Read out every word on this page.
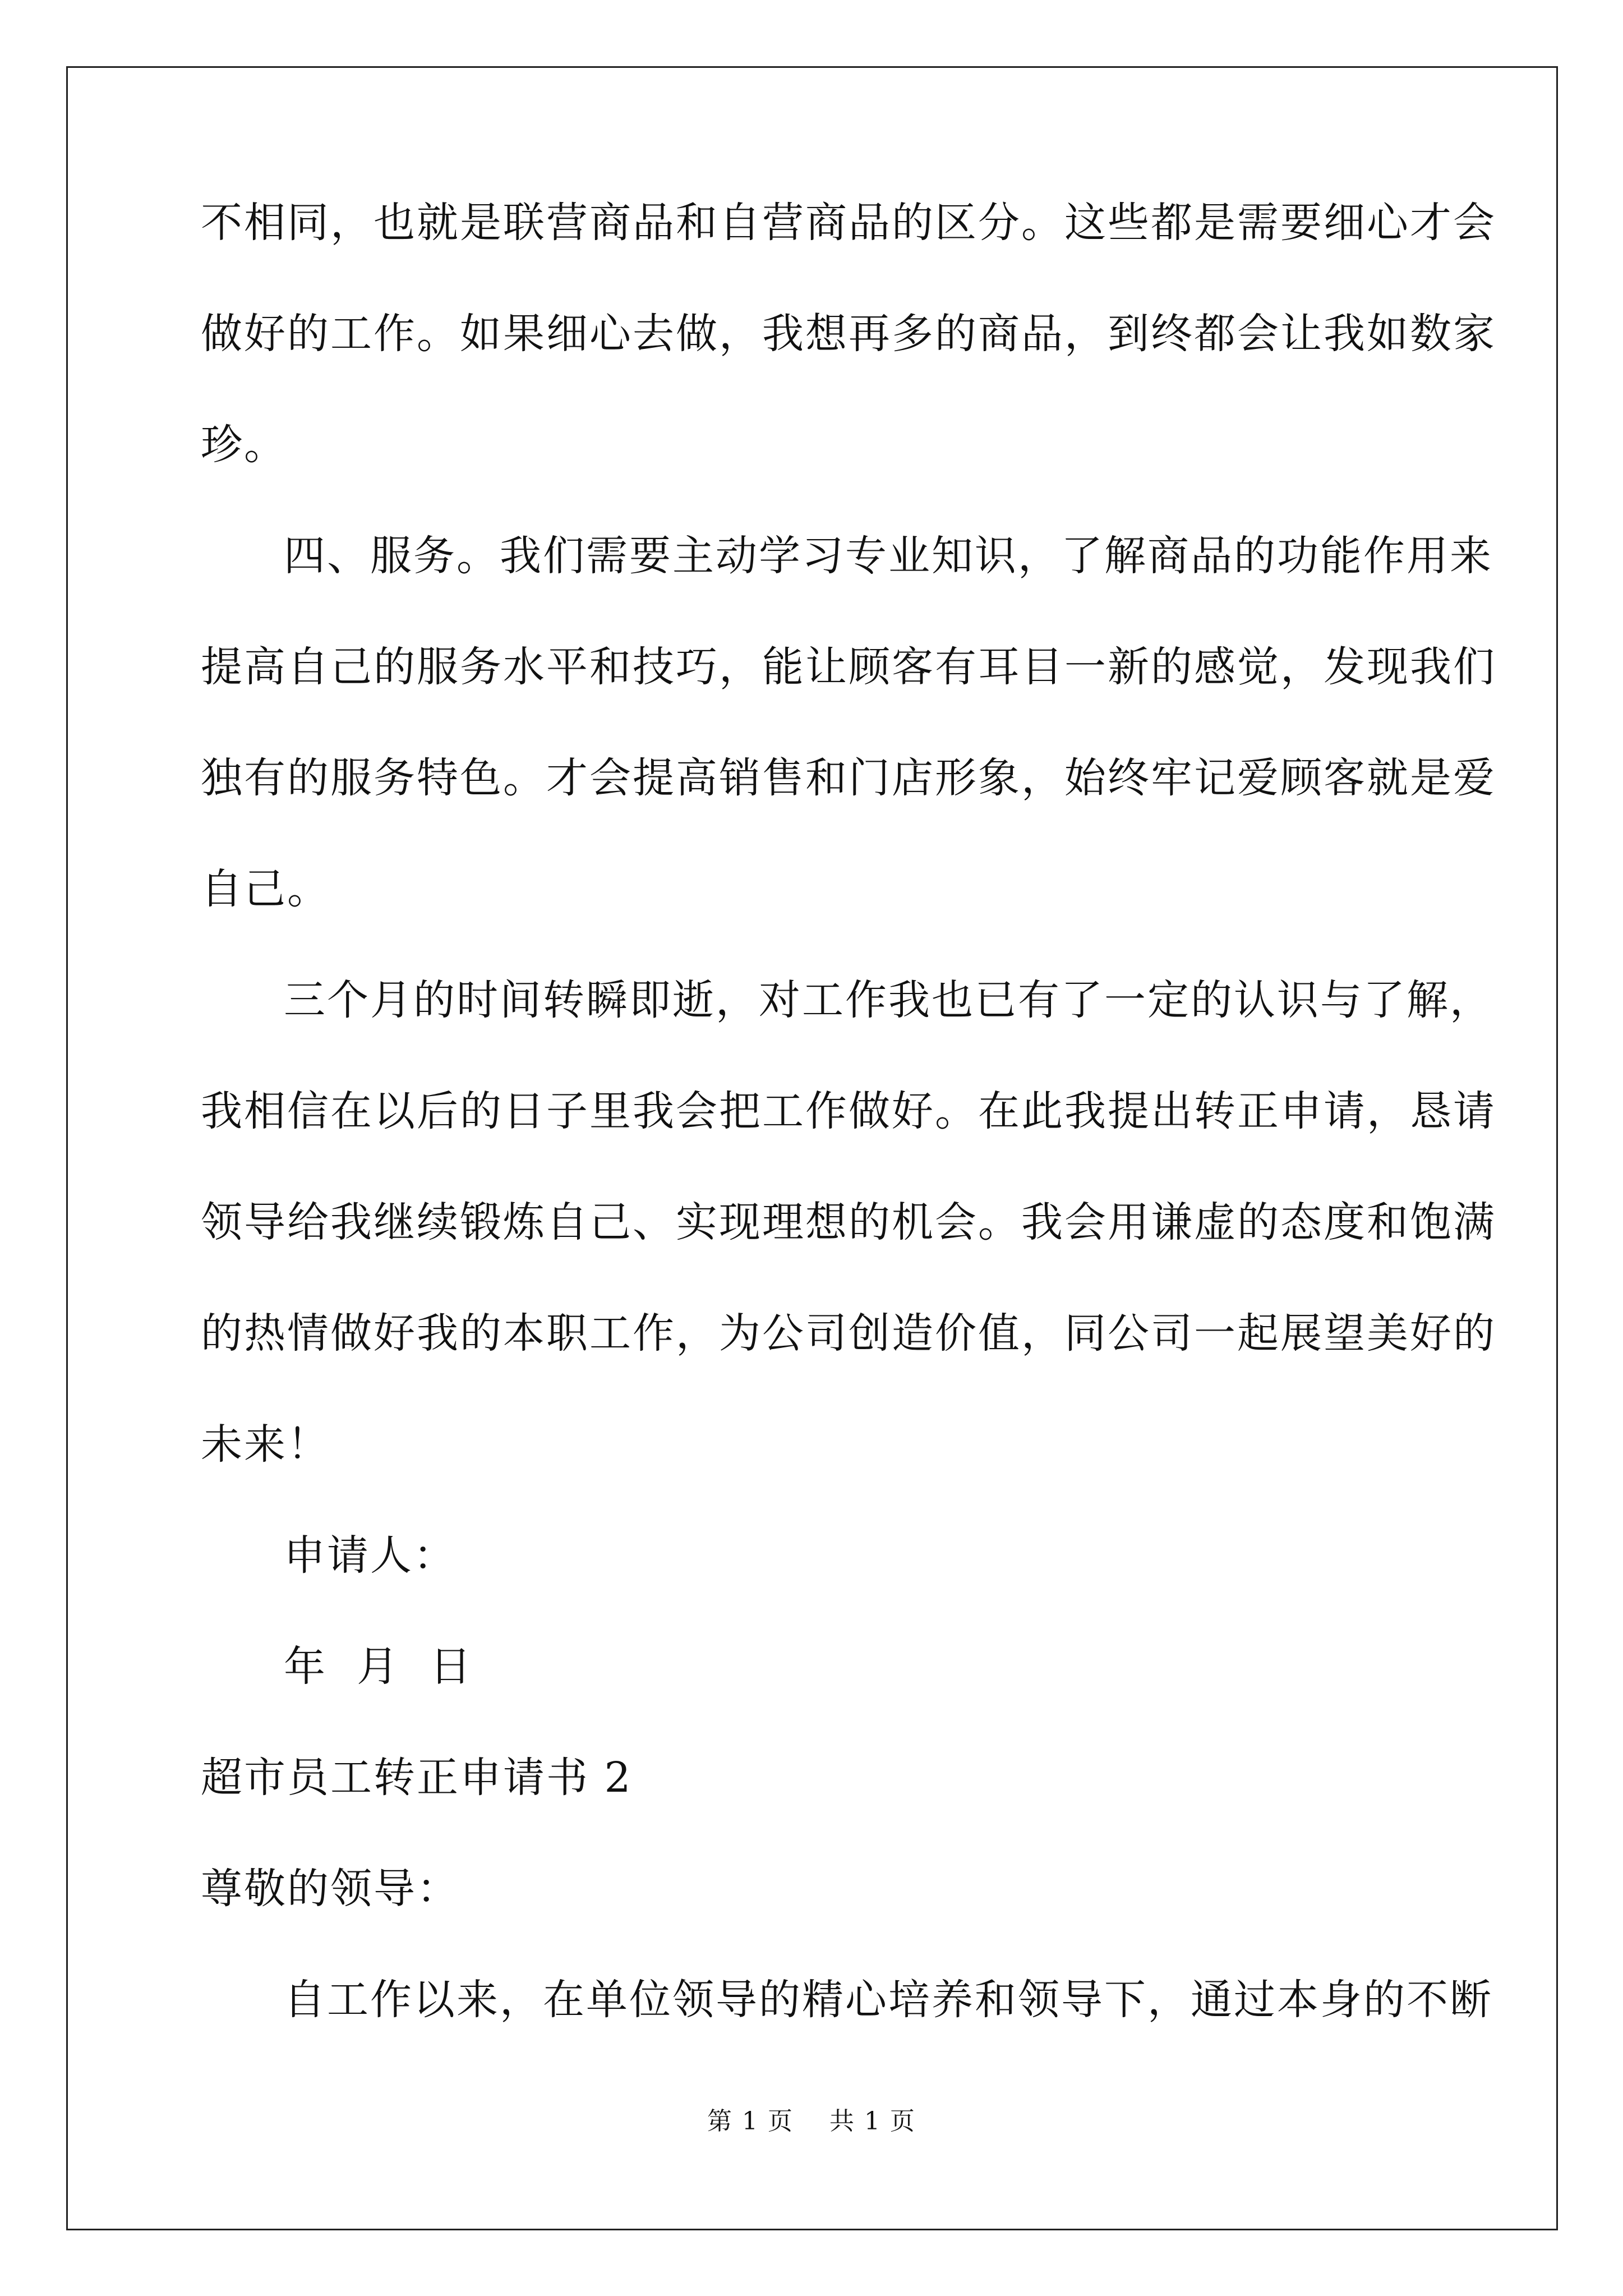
不相同，也就是联营商品和自营商品的区分。这些都是需要细心才会
做好的工作。如果细心去做，我想再多的商品，到终都会让我如数家
珍。
四、服务。我们需要主动学习专业知识，了解商品的功能作用来
提高自己的服务水平和技巧，能让顾客有耳目一新的感觉，发现我们
独有的服务特色。才会提高销售和门店形象，始终牢记爱顾客就是爱
自己。
三个月的时间转瞬即逝，对工作我也已有了一定的认识与了解，
我相信在以后的日子里我会把工作做好。在此我提出转正申请，恳请
领导给我继续锻炼自己、实现理想的机会。我会用谦虚的态度和饱满
的热情做好我的本职工作，为公司创造价值，同公司一起展望美好的
未来！
申请人：
年  月  日
超市员工转正申请书 2
尊敬的领导：
自工作以来，在单位领导的精心培养和领导下，通过本身的不断
第 1 页    共 1 页
